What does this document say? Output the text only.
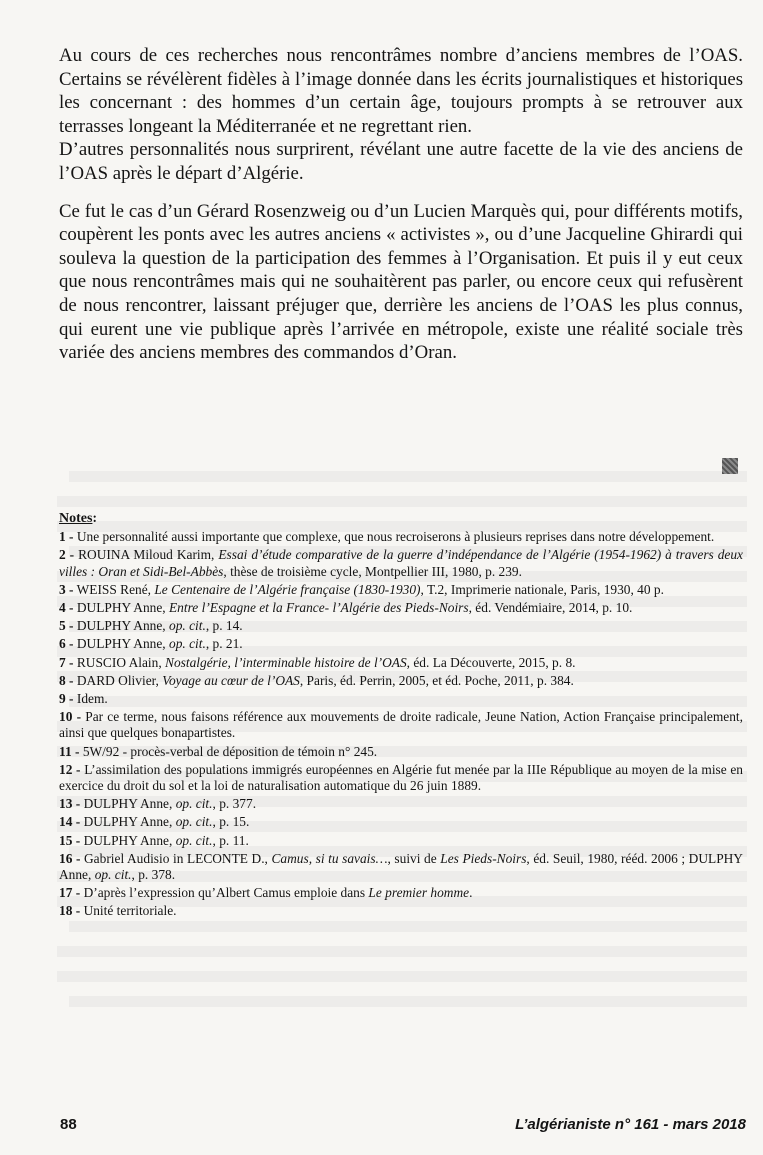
Au cours de ces recherches nous rencontrâmes nombre d’anciens membres de l’OAS. Certains se révélèrent fidèles à l’image donnée dans les écrits journalistiques et historiques les concernant : des hommes d’un certain âge, toujours prompts à se retrouver aux terrasses longeant la Méditerranée et ne regrettant rien.

D’autres personnalités nous surprirent, révélant une autre facette de la vie des anciens de l’OAS après le départ d’Algérie.

Ce fut le cas d’un Gérard Rosenzweig ou d’un Lucien Marquès qui, pour différents motifs, coupèrent les ponts avec les autres anciens « activistes », ou d’une Jacqueline Ghirardi qui souleva la question de la participation des femmes à l’Organisation. Et puis il y eut ceux que nous rencontrâmes mais qui ne souhaitèrent pas parler, ou encore ceux qui refusèrent de nous rencontrer, laissant préjuger que, derrière les anciens de l’OAS les plus connus, qui eurent une vie publique après l’arrivée en métropole, existe une réalité sociale très variée des anciens membres des commandos d’Oran.

Notes:
1 - Une personnalité aussi importante que complexe, que nous recroiserons à plusieurs reprises dans notre développement.
2 - ROUINA Miloud Karim, Essai d’étude comparative de la guerre d’indépendance de l’Algérie (1954-1962) à travers deux villes : Oran et Sidi-Bel-Abbès, thèse de troisième cycle, Montpellier III, 1980, p. 239.
3 - WEISS René, Le Centenaire de l’Algérie française (1830-1930), T.2, Imprimerie nationale, Paris, 1930, 40 p.
4 - DULPHY Anne, Entre l’Espagne et la France- l’Algérie des Pieds-Noirs, éd. Vendémiaire, 2014, p. 10.
5 - DULPHY Anne, op. cit., p. 14.
6 - DULPHY Anne, op. cit., p. 21.
7 - RUSCIO Alain, Nostalgérie, l’interminable histoire de l’OAS, éd. La Découverte, 2015, p. 8.
8 - DARD Olivier, Voyage au cœur de l’OAS, Paris, éd. Perrin, 2005, et éd. Poche, 2011, p. 384.
9 - Idem.
10 - Par ce terme, nous faisons référence aux mouvements de droite radicale, Jeune Nation, Action Française principalement, ainsi que quelques bonapartistes.
11 - 5W/92 - procès-verbal de déposition de témoin n° 245.
12 - L’assimilation des populations immigrés européennes en Algérie fut menée par la IIIe République au moyen de la mise en exercice du droit du sol et la loi de naturalisation automatique du 26 juin 1889.
13 - DULPHY Anne, op. cit., p. 377.
14 - DULPHY Anne, op. cit., p. 15.
15 - DULPHY Anne, op. cit., p. 11.
16 - Gabriel Audisio in LECONTE D., Camus, si tu savais…, suivi de Les Pieds-Noirs, éd. Seuil, 1980, rééd. 2006 ; DULPHY Anne, op. cit., p. 378.
17 - D’après l’expression qu’Albert Camus emploie dans Le premier homme.
18 - Unité territoriale.
88	L’algérianiste n° 161 - mars 2018
